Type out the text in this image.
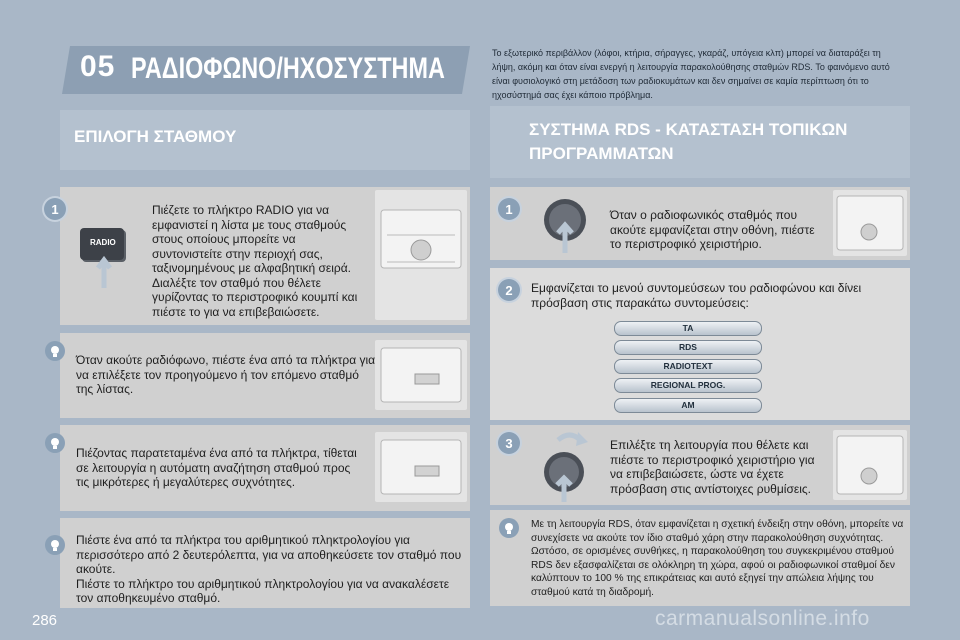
05 ΡΑΔΙΟΦΩΝΟ/ΗΧΟΣΥΣΤΗΜΑ	Το εξωτερικό περιβάλλον (λόφοι, κτήρια, σήραγγες, γκαράζ, υπόγεια κλπ) μπορεί να διαταράξει τη λήψη, ακόμη και όταν είναι ενεργή η λειτουργία παρακολούθησης σταθμών RDS. Το φαινόμενο αυτό είναι φυσιολογικό στη μετάδοση των ραδιοκυμάτων και δεν σημαίνει σε καμία περίπτωση ότι το ηχοσύστημά σας έχει κάποιο πρόβλημα.
ΕΠΙΛΟΓΗ ΣΤΑΘΜΟΥ	ΣΥΣΤΗΜΑ RDS - ΚΑΤΑΣΤΑΣΗ ΤΟΠΙΚΩΝ ΠΡΟΓΡΑΜΜΑΤΩΝ
1
RADIO
Πιέζετε το πλήκτρο RADIO για να εμφανιστεί η λίστα με τους σταθμούς στους οποίους μπορείτε να συντονιστείτε στην περιοχή σας, ταξινομημένους με αλφαβητική σειρά. Διαλέξτε τον σταθμό που θέλετε γυρίζοντας το περιστροφικό κουμπί και πιέστε το για να επιβεβαιώσετε.
Όταν ακούτε ραδιόφωνο, πιέστε ένα από τα πλήκτρα για να επιλέξετε τον προηγούμενο ή τον επόμενο σταθμό της λίστας.
Πιέζοντας παρατεταμένα ένα από τα πλήκτρα, τίθεται σε λειτουργία η αυτόματη αναζήτηση σταθμού προς τις μικρότερες ή μεγαλύτερες συχνότητες.
Πιέστε ένα από τα πλήκτρα του αριθμητικού πληκτρολογίου για περισσότερο από 2 δευτερόλεπτα, για να αποθηκεύσετε τον σταθμό που ακούτε.
Πιέστε το πλήκτρο του αριθμητικού πληκτρολογίου για να ανακαλέσετε τον αποθηκευμένο σταθμό.
1	Όταν ο ραδιοφωνικός σταθμός που ακούτε εμφανίζεται στην οθόνη, πιέστε το περιστροφικό χειριστήριο.
2	Εμφανίζεται το μενού συντομεύσεων του ραδιοφώνου και δίνει πρόσβαση στις παρακάτω συντομεύσεις:
TA
RDS
RADIOTEXT
REGIONAL PROG.
AM
3	Επιλέξτε τη λειτουργία που θέλετε και πιέστε το περιστροφικό χειριστήριο για να επιβεβαιώσετε, ώστε να έχετε πρόσβαση στις αντίστοιχες ρυθμίσεις.
Με τη λειτουργία RDS, όταν εμφανίζεται η σχετική ένδειξη στην οθόνη, μπορείτε να συνεχίσετε να ακούτε τον ίδιο σταθμό χάρη στην παρακολούθηση συχνότητας. Ωστόσο, σε ορισμένες συνθήκες, η παρακολούθηση του συγκεκριμένου σταθμού RDS δεν εξασφαλίζεται σε ολόκληρη τη χώρα, αφού οι ραδιοφωνικοί σταθμοί δεν καλύπτουν το 100 % της επικράτειας και αυτό εξηγεί την απώλεια λήψης του σταθμού κατά τη διαδρομή.
286	carmanualsonline.info
